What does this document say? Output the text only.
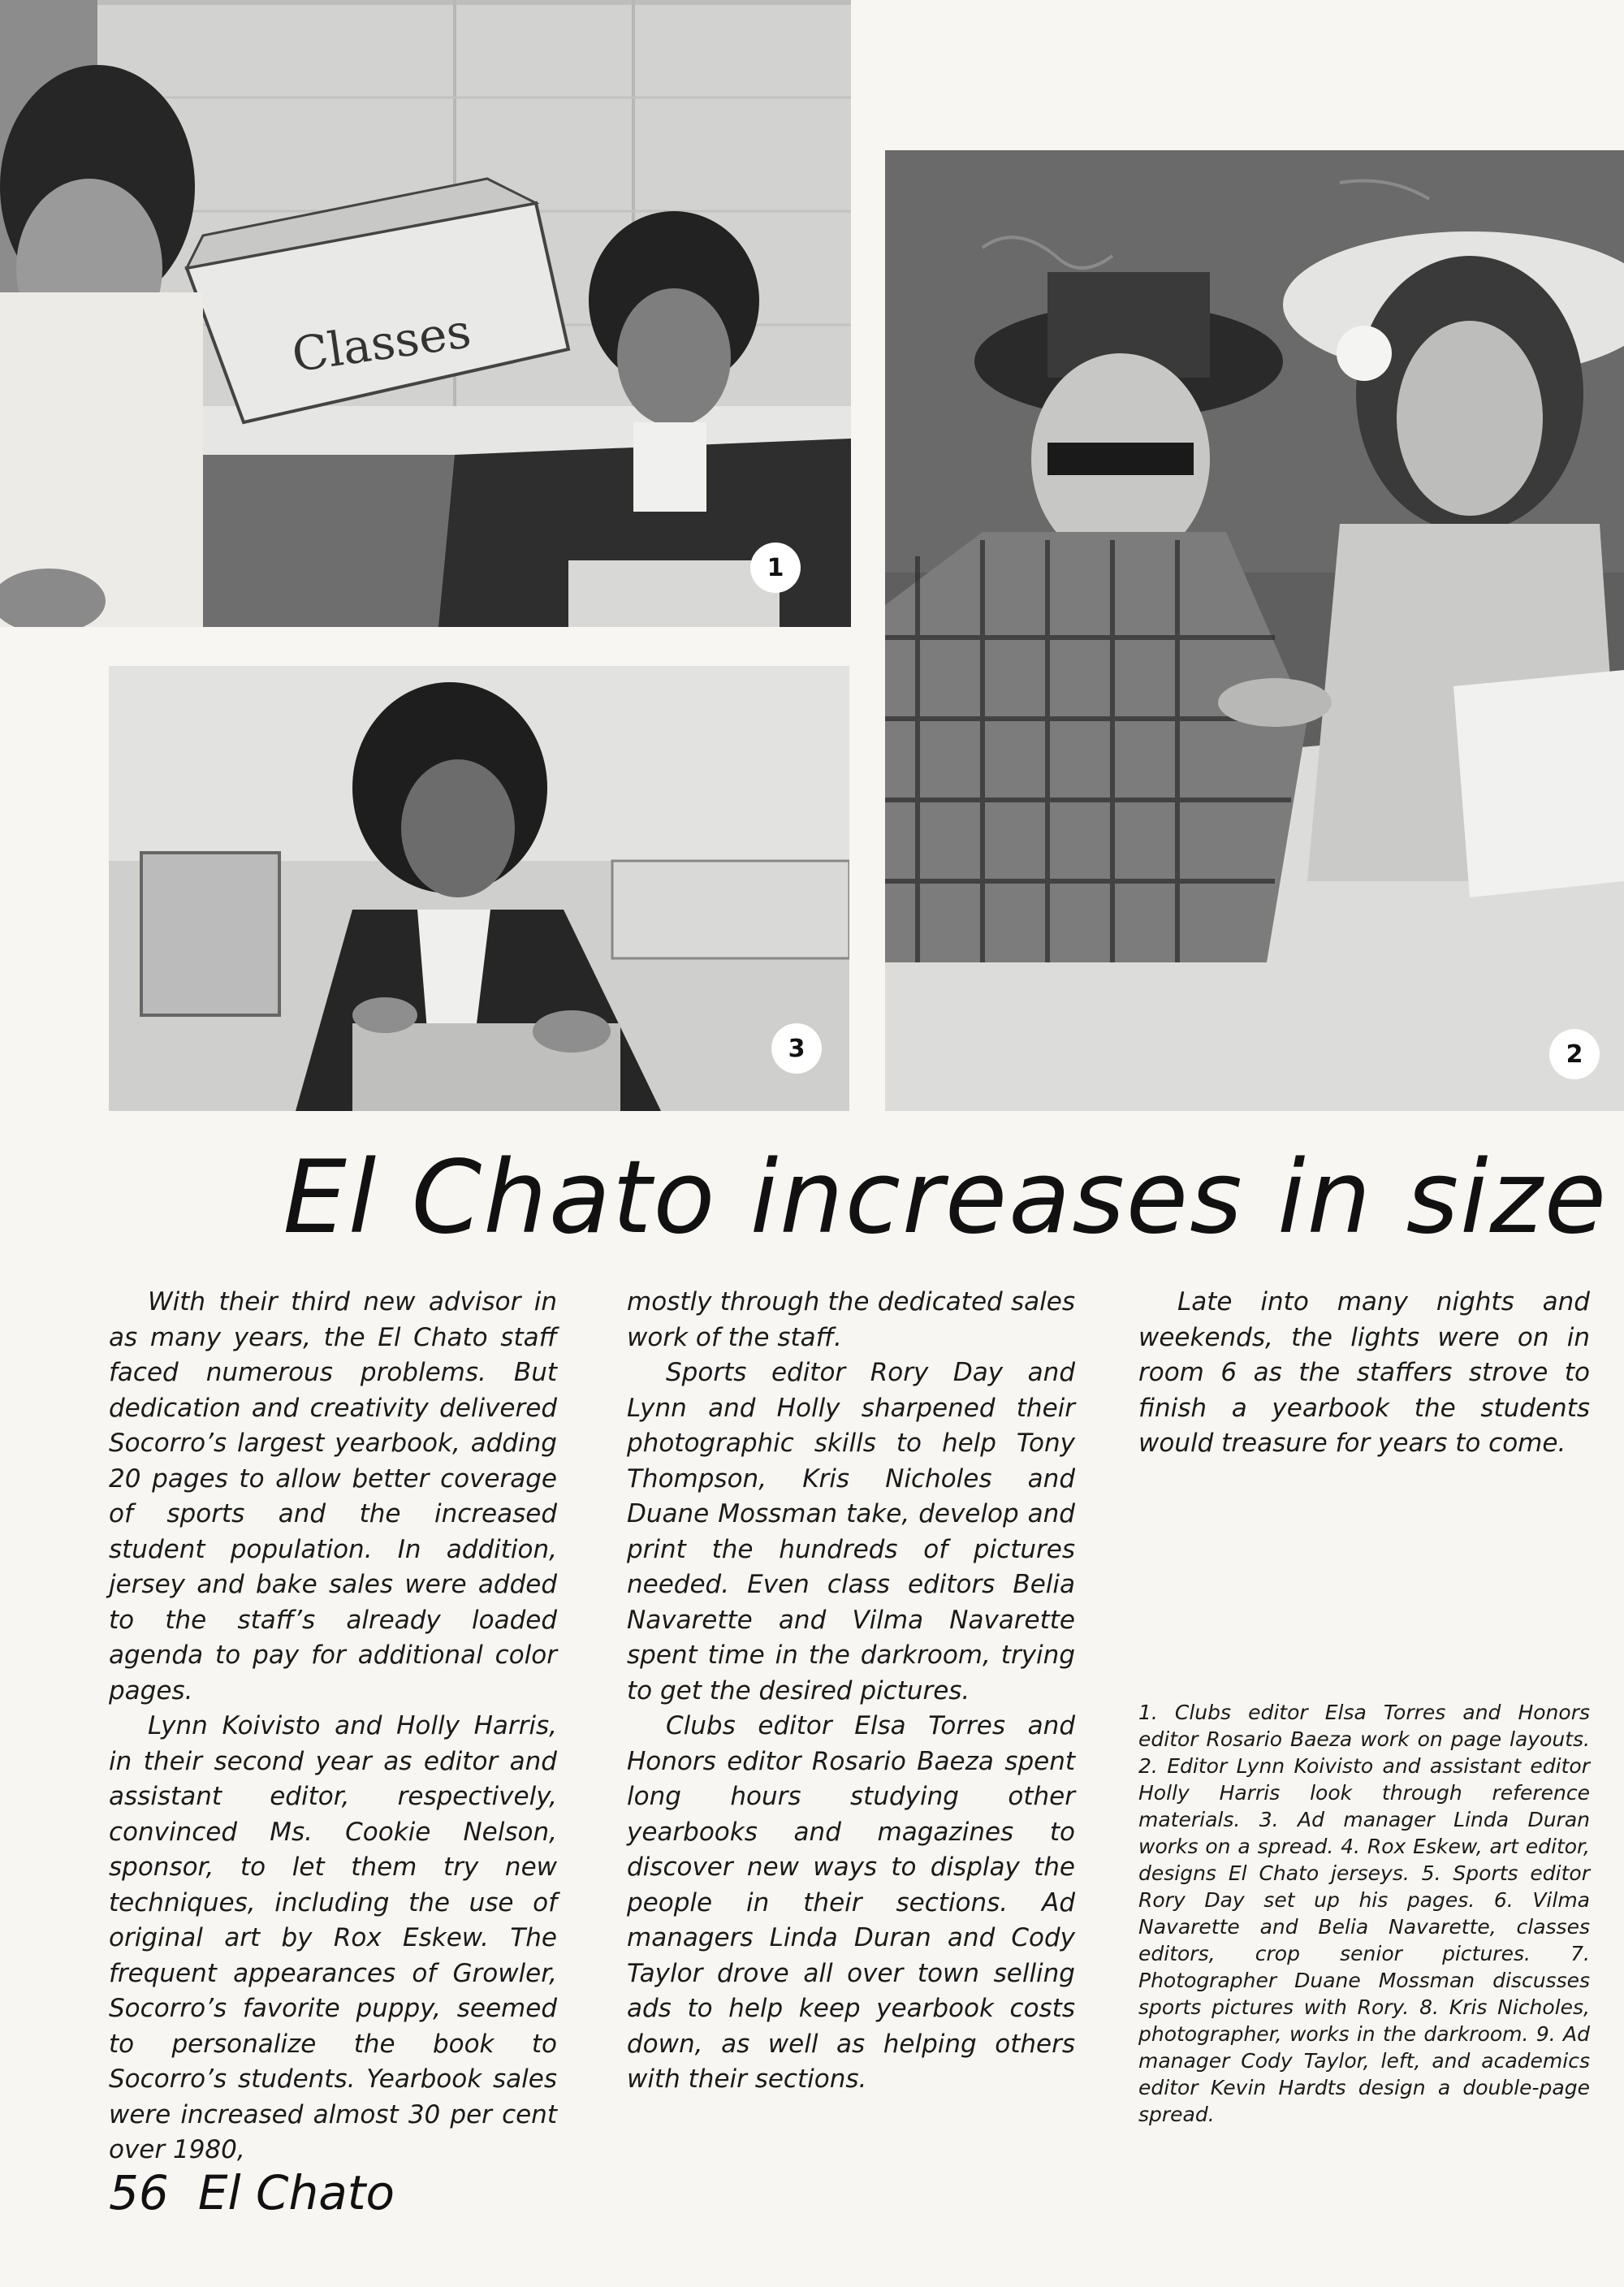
Classes
1
3	2
El Chato increases in size

With their third new advisor in as many years, the El Chato staff faced numerous problems. But dedication and creativity delivered Socorro’s largest yearbook, adding 20 pages to allow better coverage of sports and the increased student population. In addition, jersey and bake sales were added to the staff’s already loaded agenda to pay for additional color pages.

Lynn Koivisto and Holly Harris, in their second year as editor and assistant editor, respectively, convinced Ms. Cookie Nelson, sponsor, to let them try new techniques, including the use of original art by Rox Eskew. The frequent appearances of Growler, Socorro’s favorite puppy, seemed to personalize the book to Socorro’s students. Yearbook sales were increased almost 30 per cent over 1980,

mostly through the dedicated sales work of the staff.

Sports editor Rory Day and Lynn and Holly sharpened their photographic skills to help Tony Thompson, Kris Nicholes and Duane Mossman take, develop and print the hundreds of pictures needed. Even class editors Belia Navarette and Vilma Navarette spent time in the darkroom, trying to get the desired pictures.

Clubs editor Elsa Torres and Honors editor Rosario Baeza spent long hours studying other yearbooks and magazines to discover new ways to display the people in their sections. Ad managers Linda Duran and Cody Taylor drove all over town selling ads to help keep yearbook costs down, as well as helping others with their sections.

Late into many nights and weekends, the lights were on in room 6 as the staffers strove to finish a yearbook the students would treasure for years to come.

1. Clubs editor Elsa Torres and Honors editor Rosario Baeza work on page layouts. 2. Editor Lynn Koivisto and assistant editor Holly Harris look through reference materials. 3. Ad manager Linda Duran works on a spread. 4. Rox Eskew, art editor, designs El Chato jerseys. 5. Sports editor Rory Day set up his pages. 6. Vilma Navarette and Belia Navarette, classes editors, crop senior pictures. 7. Photographer Duane Mossman discusses sports pictures with Rory. 8. Kris Nicholes, photographer, works in the darkroom. 9. Ad manager Cody Taylor, left, and academics editor Kevin Hardts design a double-page spread.
56 El Chato
